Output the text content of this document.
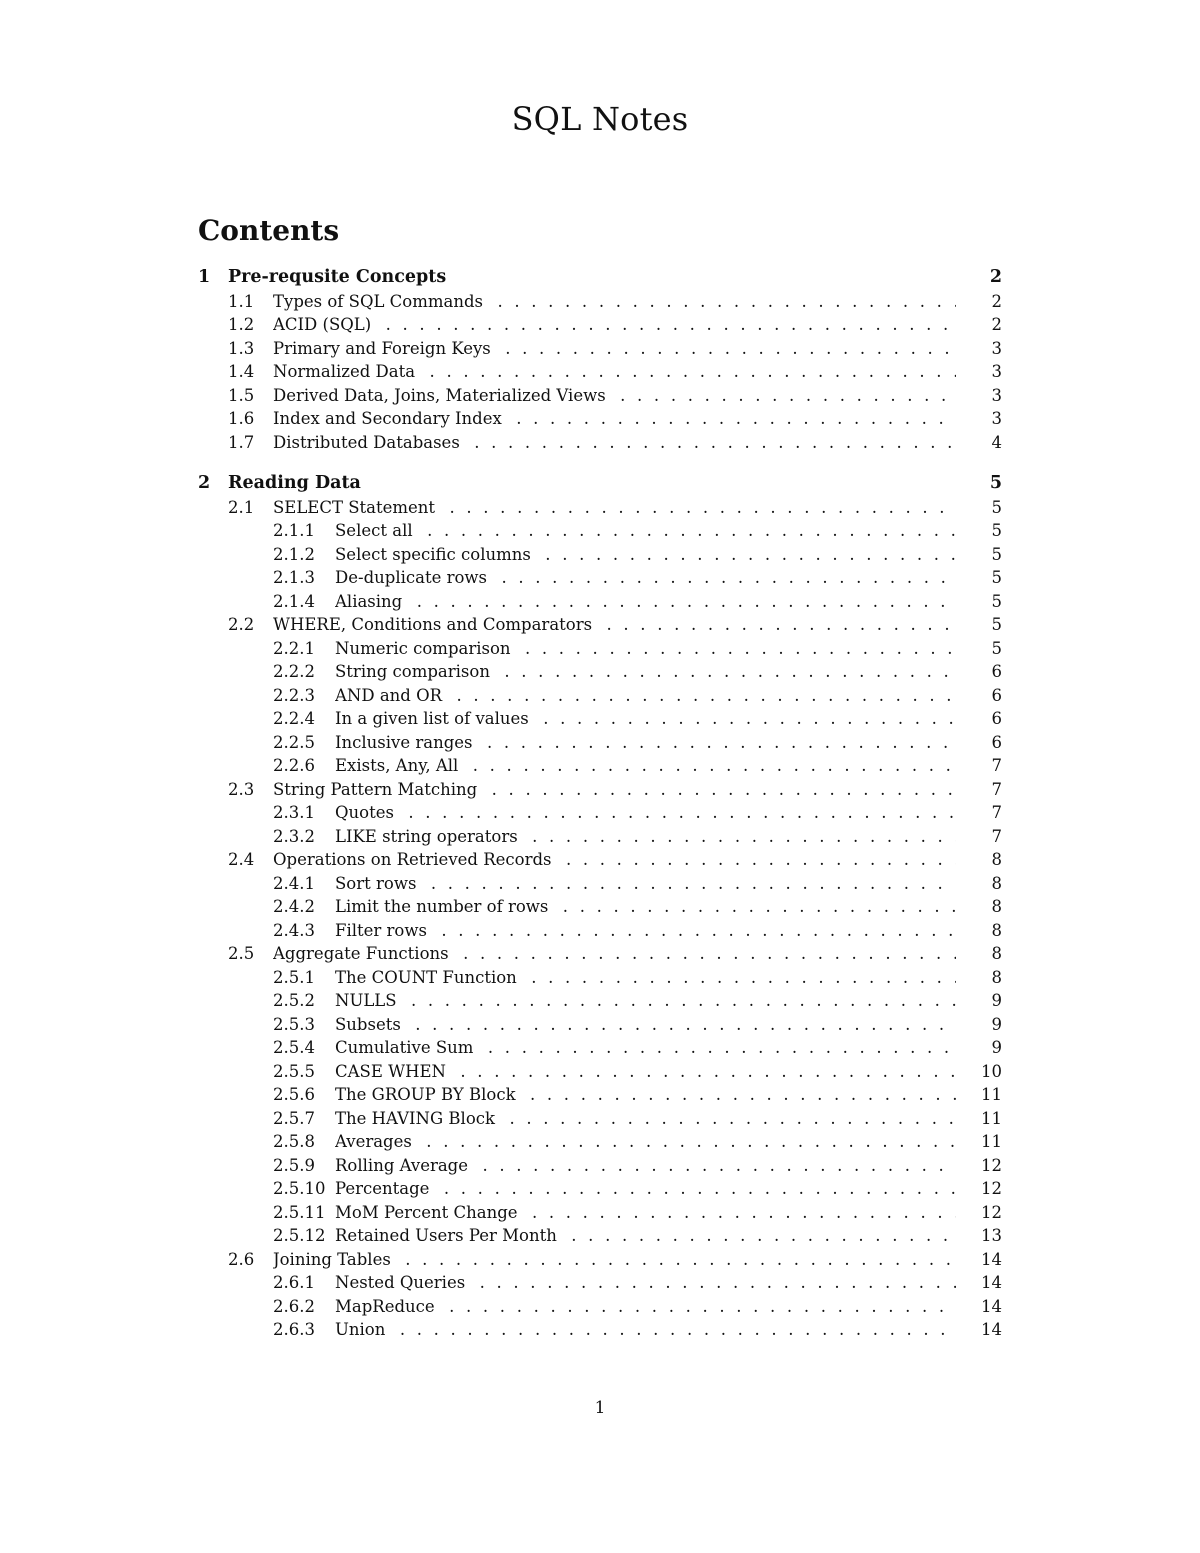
SQL Notes
Contents
1 Pre-requsite Concepts	2
1.1 Types of SQL Commands . . .	2
1.2 ACID (SQL) . . .	2
1.3 Primary and Foreign Keys . . .	3
1.4 Normalized Data . . .	3
1.5 Derived Data, Joins, Materialized Views . . .	3
1.6 Index and Secondary Index . . .	3
1.7 Distributed Databases . . .	4
2 Reading Data	5
2.1 SELECT Statement . . .	5
2.1.1 Select all . . .	5
2.1.2 Select specific columns . . .	5
2.1.3 De-duplicate rows . . .	5
2.1.4 Aliasing . . .	5
2.2 WHERE, Conditions and Comparators . . .	5
2.2.1 Numeric comparison . . .	5
2.2.2 String comparison . . .	6
2.2.3 AND and OR . . .	6
2.2.4 In a given list of values . . .	6
2.2.5 Inclusive ranges . . .	6
2.2.6 Exists, Any, All . . .	7
2.3 String Pattern Matching . . .	7
2.3.1 Quotes . . .	7
2.3.2 LIKE string operators . . .	7
2.4 Operations on Retrieved Records . . .	8
2.4.1 Sort rows . . .	8
2.4.2 Limit the number of rows . . .	8
2.4.3 Filter rows . . .	8
2.5 Aggregate Functions . . .	8
2.5.1 The COUNT Function . . .	8
2.5.2 NULLS . . .	9
2.5.3 Subsets . . .	9
2.5.4 Cumulative Sum . . .	9
2.5.5 CASE WHEN . . .	10
2.5.6 The GROUP BY Block . . .	11
2.5.7 The HAVING Block . . .	11
2.5.8 Averages . . .	11
2.5.9 Rolling Average . . .	12
2.5.10 Percentage . . .	12
2.5.11 MoM Percent Change . . .	12
2.5.12 Retained Users Per Month . . .	13
2.6 Joining Tables . . .	14
2.6.1 Nested Queries . . .	14
2.6.2 MapReduce . . .	14
2.6.3 Union . . .	14
1
